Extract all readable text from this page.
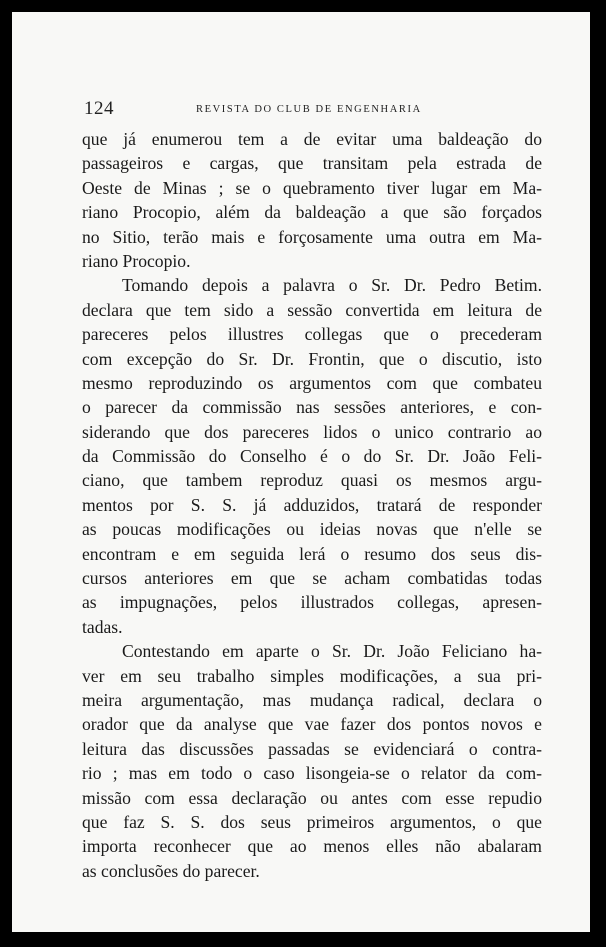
124	REVISTA DO CLUB DE ENGENHARIA
que já enumerou tem a de evitar uma baldeação do
passageiros e cargas, que transitam pela estrada de
Oeste de Minas ; se o quebramento tiver lugar em Ma-
riano Procopio, além da baldeação a que são forçados
no Sitio, terão mais e forçosamente uma outra em Ma-
riano Procopio.
Tomando depois a palavra o Sr. Dr. Pedro Betim.
declara que tem sido a sessão convertida em leitura de
pareceres pelos illustres collegas que o precederam
com excepção do Sr. Dr. Frontin, que o discutio, isto
mesmo reproduzindo os argumentos com que combateu
o parecer da commissão nas sessões anteriores, e con-
siderando que dos pareceres lidos o unico contrario ao
da Commissão do Conselho é o do Sr. Dr. João Feli-
ciano, que tambem reproduz quasi os mesmos argu-
mentos por S. S. já adduzidos, tratará de responder
as poucas modificações ou ideias novas que n'elle se
encontram e em seguida lerá o resumo dos seus dis-
cursos anteriores em que se acham combatidas todas
as impugnações, pelos illustrados collegas, apresen-
tadas.
Contestando em aparte o Sr. Dr. João Feliciano ha-
ver em seu trabalho simples modificações, a sua pri-
meira argumentação, mas mudança radical, declara o
orador que da analyse que vae fazer dos pontos novos e
leitura das discussões passadas se evidenciará o contra-
rio ; mas em todo o caso lisongeia-se o relator da com-
missão com essa declaração ou antes com esse repudio
que faz S. S. dos seus primeiros argumentos, o que
importa reconhecer que ao menos elles não abalaram
as conclusões do parecer.
